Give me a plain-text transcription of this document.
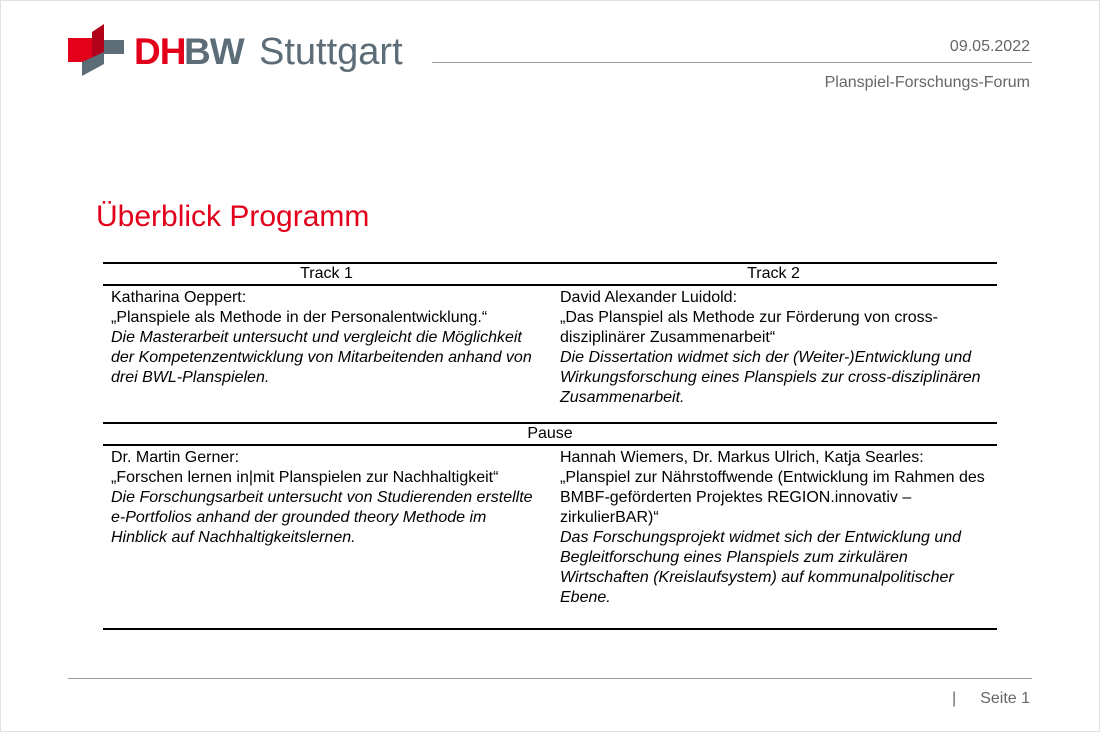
DH
BW Stuttgart	09.05.2022
Planspiel-Forschungs-Forum
Überblick Programm
Track 1	Track 2

Katharina Oeppert:

„Planspiele als Methode in der Personalentwicklung.“

Die Masterarbeit untersucht und vergleicht die Möglichkeit der Kompetenzentwicklung von Mitarbeitenden anhand von drei BWL-Planspielen.

David Alexander Luidold:

„Das Planspiel als Methode zur Förderung von cross-disziplinärer Zusammenarbeit“

Die Dissertation widmet sich der (Weiter-)Entwicklung und Wirkungsforschung eines Planspiels zur cross-disziplinären Zusammenarbeit.

Pause

Dr. Martin Gerner:

„Forschen lernen in|mit Planspielen zur Nachhaltigkeit“

Die Forschungsarbeit untersucht von Studierenden erstellte e-Portfolios anhand der grounded theory Methode im Hinblick auf Nachhaltigkeitslernen.

Hannah Wiemers, Dr. Markus Ulrich, Katja Searles:

„Planspiel zur Nährstoffwende (Entwicklung im Rahmen des BMBF-geförderten Projektes REGION.innovativ – zirkulierBAR)“

Das Forschungsprojekt widmet sich der Entwicklung und Begleitforschung eines Planspiels zum zirkulären Wirtschaften (Kreislaufsystem) auf kommunalpolitischer Ebene.

| Seite 1
